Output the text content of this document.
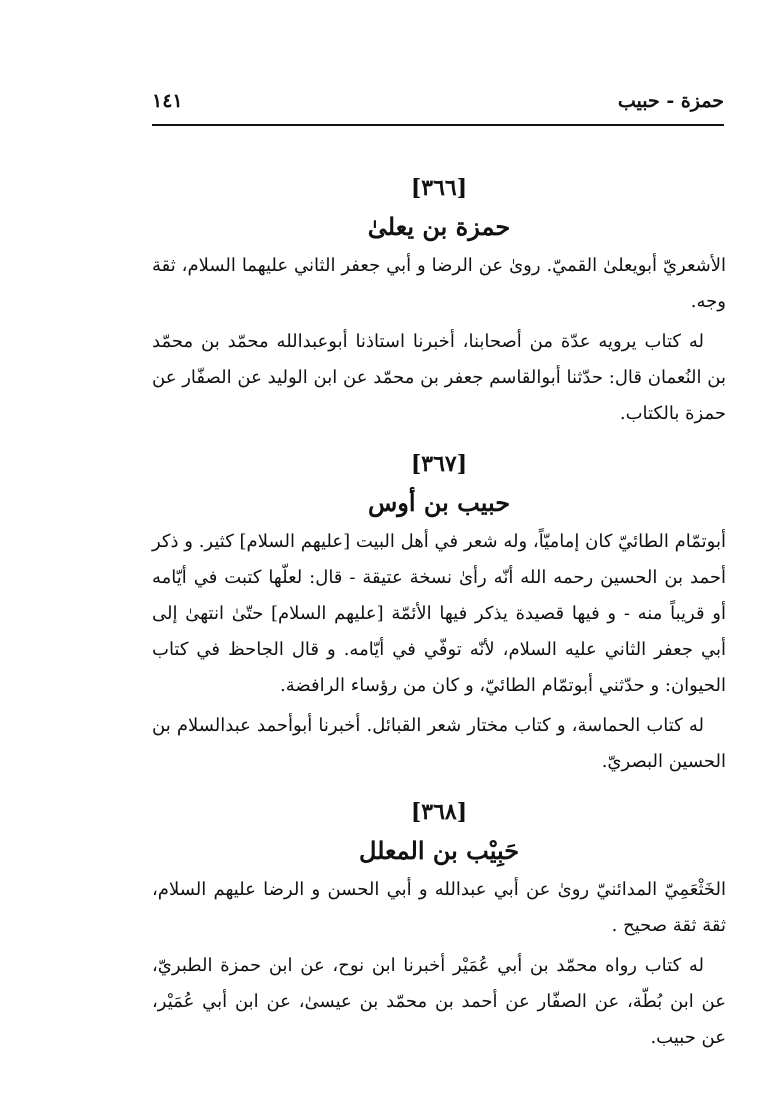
حمزة - حبيب
١٤١
[٣٦٦]
حمزة بن يعلىٰ

الأشعريّ أبويعلىٰ القميّ. روىٰ عن الرضا و أبي جعفر الثاني عليهما السلام، ثقة وجه.

له كتاب يرويه عدّة من أصحابنا، أخبرنا استاذنا أبوعبدالله محمّد بن محمّد بن النُعمان قال: حدّثنا أبوالقاسم جعفر بن محمّد عن ابن الوليد عن الصفّار عن حمزة بالكتاب.

[٣٦٧]
حبيب بن أوس

أبوتمّام الطائيّ كان إماميّاً، وله شعر في أهل البيت [عليهم السلام] كثير. و ذكر أحمد بن الحسين رحمه الله أنّه رأىٰ نسخة عتيقة - قال: لعلّها كتبت في أيّامه أو قريباً منه - و فيها قصيدة يذكر فيها الأئمّة [عليهم السلام] حتّىٰ انتهىٰ إلى أبي جعفر الثاني عليه السلام، لأنّه توفّي في أيّامه. و قال الجاحظ في كتاب الحيوان: و حدّثني أبوتمّام الطائيّ، و كان من رؤساء الرافضة.

له كتاب الحماسة، و كتاب مختار شعر القبائل. أخبرنا أبوأحمد عبدالسلام بن الحسين البصريّ.

[٣٦٨]
حَبِيْب بن المعلل

الخَثْعَمِيّ المدائنيّ روىٰ عن أبي عبدالله و أبي الحسن و الرضا عليهم السلام، ثقة ثقة صحيح .

له كتاب رواه محمّد بن أبي عُمَيْر أخبرنا ابن نوح، عن ابن حمزة الطبريّ، عن ابن بُطّة، عن الصفّار عن أحمد بن محمّد بن عيسىٰ، عن ابن أبي عُمَيْر، عن حبيب.
